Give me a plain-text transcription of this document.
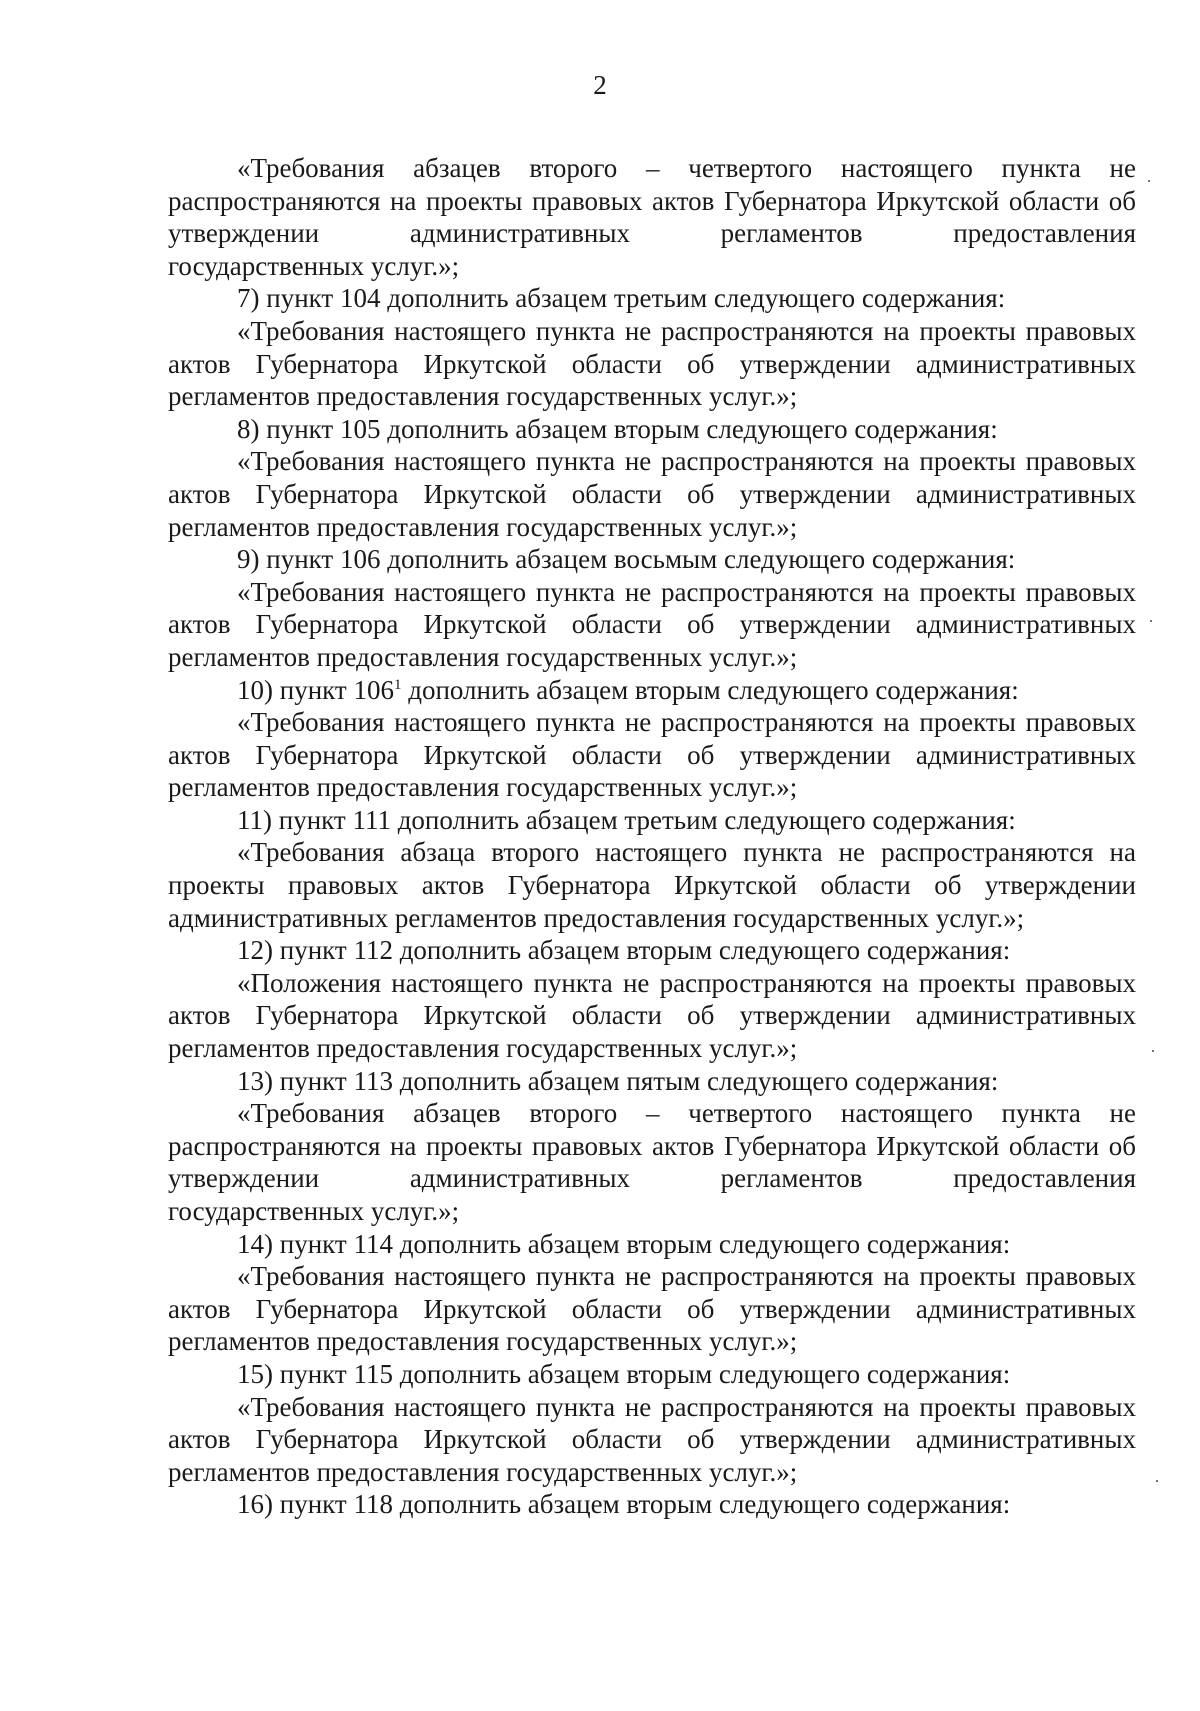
2

«Требования абзацев второго – четвертого настоящего пункта не распространяются на проекты правовых актов Губернатора Иркутской области об утверждении административных регламентов предоставления
государственных услуг.»;

7) пункт 104 дополнить абзацем третьим следующего содержания:

«Требования настоящего пункта не распространяются на проекты правовых актов Губернатора Иркутской области об утверждении административных регламентов предоставления государственных услуг.»;

8) пункт 105 дополнить абзацем вторым следующего содержания:

«Требования настоящего пункта не распространяются на проекты правовых актов Губернатора Иркутской области об утверждении административных регламентов предоставления государственных услуг.»;

9) пункт 106 дополнить абзацем восьмым следующего содержания:

«Требования настоящего пункта не распространяются на проекты правовых актов Губернатора Иркутской области об утверждении административных регламентов предоставления государственных услуг.»;

10) пункт $106^1$ дополнить абзацем вторым следующего содержания:

«Требования настоящего пункта не распространяются на проекты правовых актов Губернатора Иркутской области об утверждении административных регламентов предоставления государственных услуг.»;

11) пункт 111 дополнить абзацем третьим следующего содержания:

«Требования абзаца второго настоящего пункта не распространяются на проекты правовых актов Губернатора Иркутской области об утверждении административных регламентов предоставления государственных услуг.»;

12) пункт 112 дополнить абзацем вторым следующего содержания:

«Положения настоящего пункта не распространяются на проекты правовых актов Губернатора Иркутской области об утверждении административных регламентов предоставления государственных услуг.»;

13) пункт 113 дополнить абзацем пятым следующего содержания:

«Требования абзацев второго – четвертого настоящего пункта не распространяются на проекты правовых актов Губернатора Иркутской области об утверждении административных регламентов предоставления
государственных услуг.»;

14) пункт 114 дополнить абзацем вторым следующего содержания:

«Требования настоящего пункта не распространяются на проекты правовых актов Губернатора Иркутской области об утверждении административных регламентов предоставления государственных услуг.»;

15) пункт 115 дополнить абзацем вторым следующего содержания:

«Требования настоящего пункта не распространяются на проекты правовых актов Губернатора Иркутской области об утверждении административных регламентов предоставления государственных услуг.»;

16) пункт 118 дополнить абзацем вторым следующего содержания:
